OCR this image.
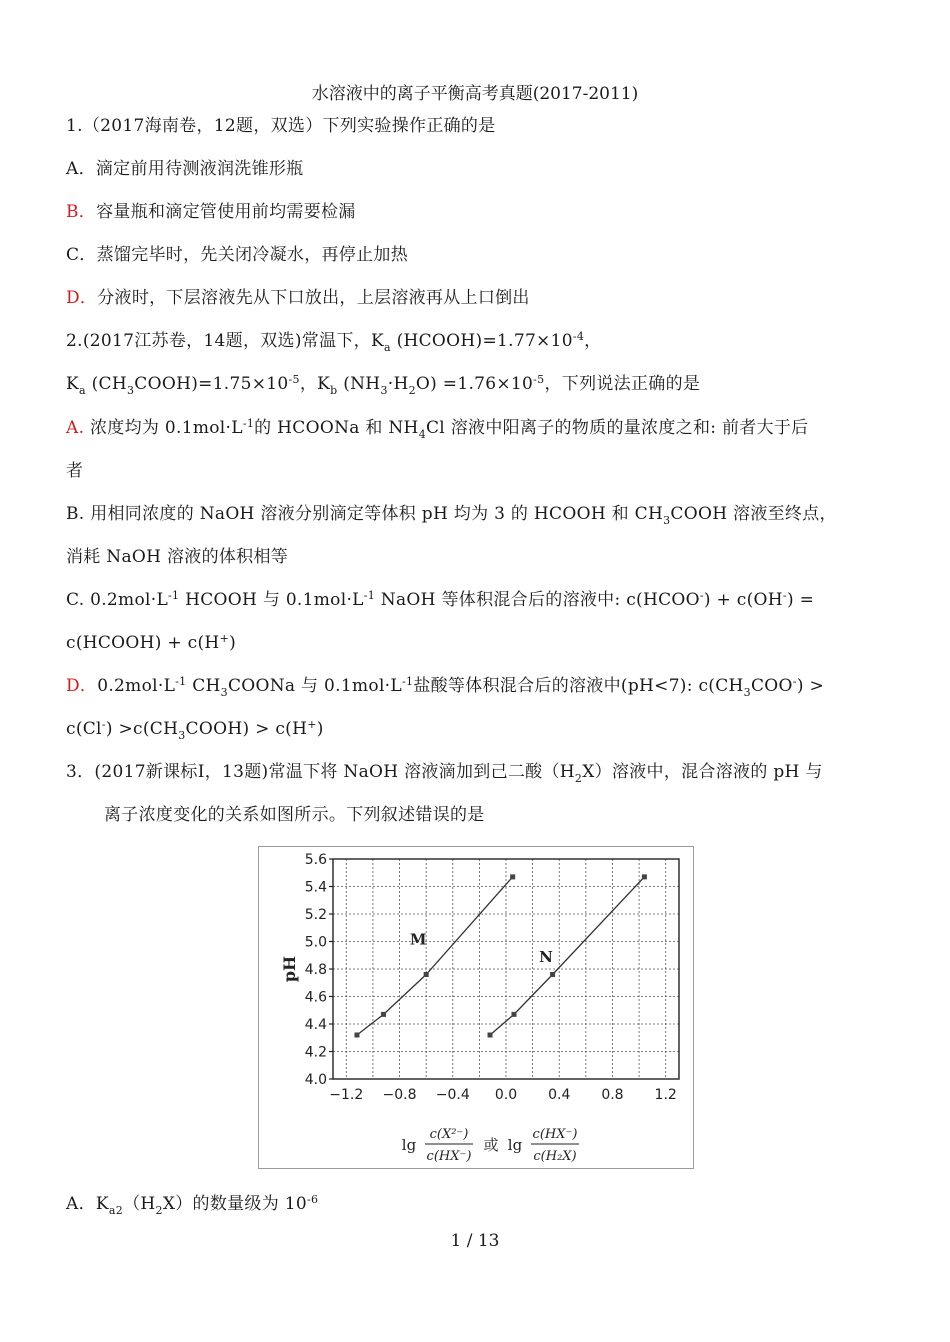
水溶液中的离子平衡高考真题(2017-2011)
1.（2017海南卷，12题，双选）下列实验操作正确的是
A．滴定前用待测液润洗锥形瓶
B．容量瓶和滴定管使用前均需要检漏
C．蒸馏完毕时，先关闭冷凝水，再停止加热
D．分液时，下层溶液先从下口放出，上层溶液再从上口倒出
2.(2017江苏卷，14题，双选)常温下，$K_a$ $(HCOOH)=1.77\times 10^{-4}$，
$K_a$ $(CH_3COOH)=1.75\times 10^{-5}$，$K_b$ $(NH_3\cdot H_2O) =1.76\times 10^{-5}$，下列说法正确的是
A. 浓度均为 $0.1mol\cdot L^{-1}$的 HCOONa 和 $NH_4Cl$ 溶液中阳离子的物质的量浓度之和: 前者大于后
者
B. 用相同浓度的 NaOH 溶液分别滴定等体积 pH 均为 3 的 HCOOH 和 $CH_3COOH$ 溶液至终点，
消耗 NaOH 溶液的体积相等
C. $0.2mol\cdot L^{-1}$ HCOOH 与 $0.1mol\cdot L^{-1}$ NaOH 等体积混合后的溶液中: c(HCOO-) + c(OH-) =
c(HCOOH) + c(H+)
D．$0.2mol\cdot L^{-1}$ $CH_3COONa$ 与 $0.1mol\cdot L^{-1}$盐酸等体积混合后的溶液中(pH<7): $c(CH_3COO^-)$ >
$c(Cl^-) >c(CH_3COOH) > c(H^+)$
3．(2017新课标Ⅰ，13题)常温下将 NaOH 溶液滴加到己二酸$(H_2X)$溶液中，混合溶液的 pH 与
离子浓度变化的关系如图所示。下列叙述错误的是
4.0
4.2
4.4
4.6
4.8
5.0
5.2
5.4
5.6
−1.2 −0.8 −0.4 0.0 0.4 0.8 1.2
pH
lg
c(X²⁻)
c(HX⁻)
或 lg
c(HX⁻)
c(H₂X)
M
N
A．$K_{a2}(H_2X)$的数量级为 $10^{-6}$
1 / 13
